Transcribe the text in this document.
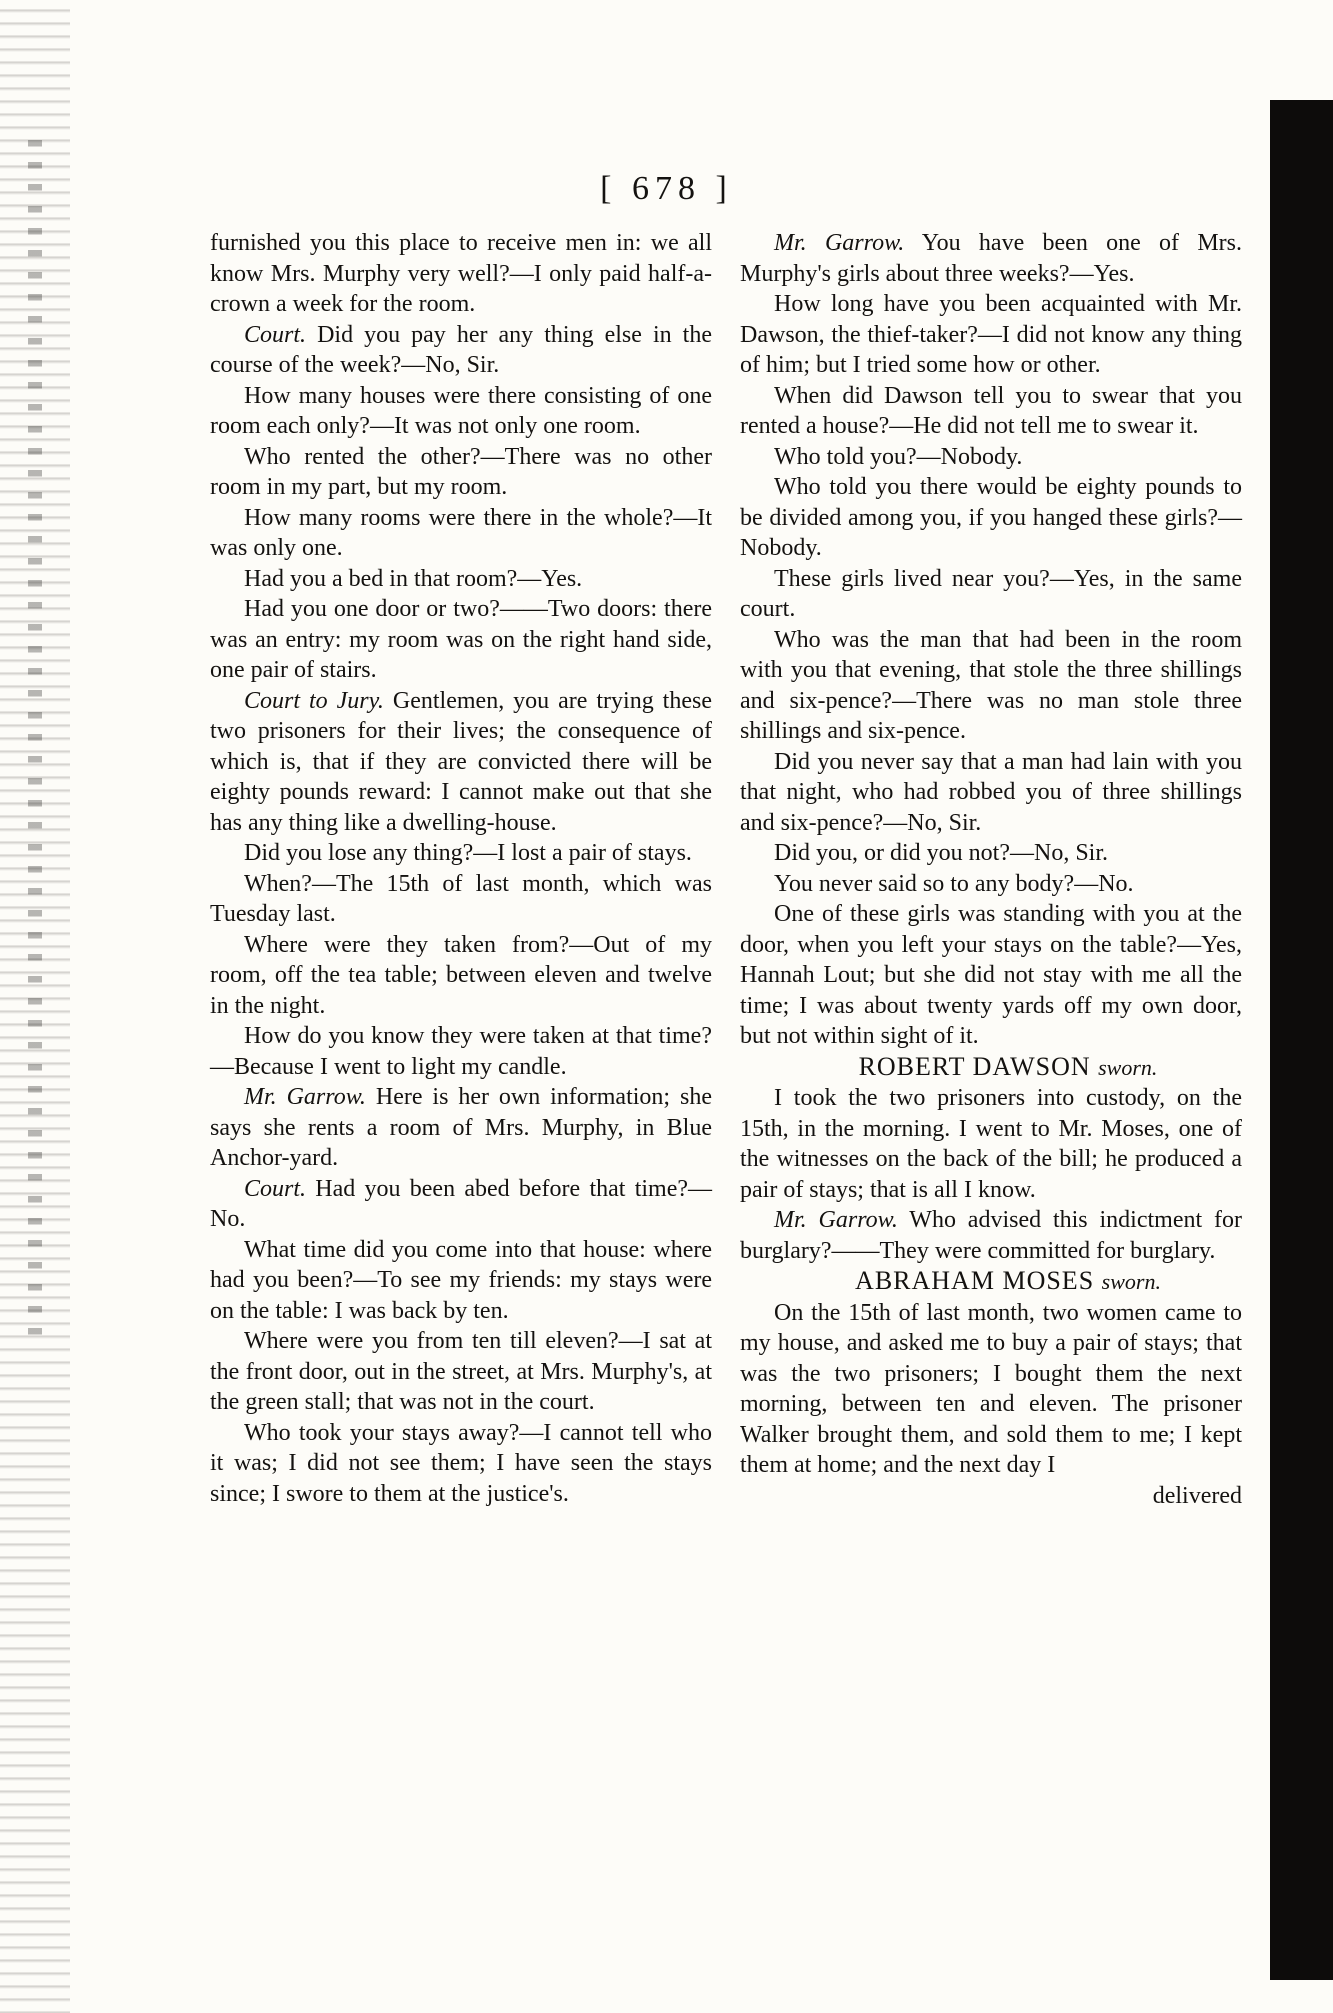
[ 678 ]

furnished you this place to receive men in: we all know Mrs. Murphy very well?—I only paid half-a-crown a week for the room.

Court. Did you pay her any thing else in the course of the week?—No, Sir.

How many houses were there consisting of one room each only?—It was not only one room.

Who rented the other?—There was no other room in my part, but my room.

How many rooms were there in the whole?—It was only one.

Had you a bed in that room?—Yes.

Had you one door or two?——Two doors: there was an entry: my room was on the right hand side, one pair of stairs.

Court to Jury. Gentlemen, you are trying these two prisoners for their lives; the consequence of which is, that if they are convicted there will be eighty pounds reward: I cannot make out that she has any thing like a dwelling-house.

Did you lose any thing?—I lost a pair of stays.

When?—The 15th of last month, which was Tuesday last.

Where were they taken from?—Out of my room, off the tea table; between eleven and twelve in the night.

How do you know they were taken at that time?—Because I went to light my candle.

Mr. Garrow. Here is her own information; she says she rents a room of Mrs. Murphy, in Blue Anchor-yard.

Court. Had you been abed before that time?—No.

What time did you come into that house: where had you been?—To see my friends: my stays were on the table: I was back by ten.

Where were you from ten till eleven?—I sat at the front door, out in the street, at Mrs. Murphy's, at the green stall; that was not in the court.

Who took your stays away?—I cannot tell who it was; I did not see them; I have seen the stays since; I swore to them at the justice's.

Mr. Garrow. You have been one of Mrs. Murphy's girls about three weeks?—Yes.

How long have you been acquainted with Mr. Dawson, the thief-taker?—I did not know any thing of him; but I tried some how or other.

When did Dawson tell you to swear that you rented a house?—He did not tell me to swear it.

Who told you?—Nobody.

Who told you there would be eighty pounds to be divided among you, if you hanged these girls?—Nobody.

These girls lived near you?—Yes, in the same court.

Who was the man that had been in the room with you that evening, that stole the three shillings and six-pence?—There was no man stole three shillings and six-pence.

Did you never say that a man had lain with you that night, who had robbed you of three shillings and six-pence?—No, Sir.

Did you, or did you not?—No, Sir.

You never said so to any body?—No.

One of these girls was standing with you at the door, when you left your stays on the table?—Yes, Hannah Lout; but she did not stay with me all the time; I was about twenty yards off my own door, but not within sight of it.

ROBERT DAWSON sworn.

I took the two prisoners into custody, on the 15th, in the morning. I went to Mr. Moses, one of the witnesses on the back of the bill; he produced a pair of stays; that is all I know.

Mr. Garrow. Who advised this indictment for burglary?——They were committed for burglary.

ABRAHAM MOSES sworn.

On the 15th of last month, two women came to my house, and asked me to buy a pair of stays; that was the two prisoners; I bought them the next morning, between ten and eleven. The prisoner Walker brought them, and sold them to me; I kept them at home; and the next day I

delivered
